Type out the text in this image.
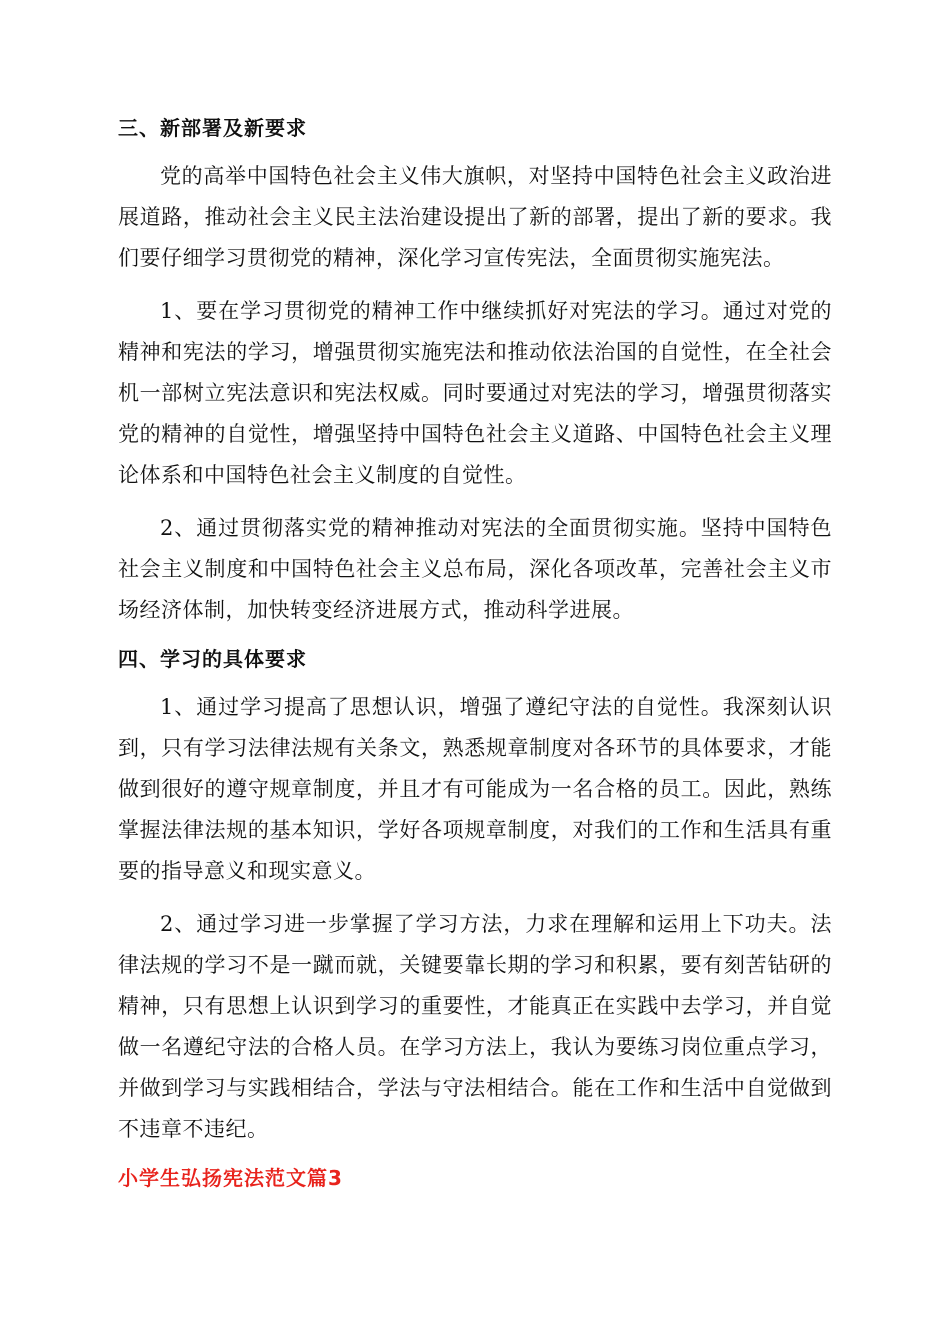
三、新部署及新要求

党的高举中国特色社会主义伟大旗帜，对坚持中国特色社会主义政治进展道路，推动社会主义民主法治建设提出了新的部署，提出了新的要求。我们要仔细学习贯彻党的精神，深化学习宣传宪法，全面贯彻实施宪法。

1、要在学习贯彻党的精神工作中继续抓好对宪法的学习。通过对党的精神和宪法的学习，增强贯彻实施宪法和推动依法治国的自觉性，在全社会机一部树立宪法意识和宪法权威。同时要通过对宪法的学习，增强贯彻落实党的精神的自觉性，增强坚持中国特色社会主义道路、中国特色社会主义理论体系和中国特色社会主义制度的自觉性。

2、通过贯彻落实党的精神推动对宪法的全面贯彻实施。坚持中国特色社会主义制度和中国特色社会主义总布局，深化各项改革，完善社会主义市场经济体制，加快转变经济进展方式，推动科学进展。

四、学习的具体要求

1、通过学习提高了思想认识，增强了遵纪守法的自觉性。我深刻认识到，只有学习法律法规有关条文，熟悉规章制度对各环节的具体要求，才能做到很好的遵守规章制度，并且才有可能成为一名合格的员工。因此，熟练掌握法律法规的基本知识，学好各项规章制度，对我们的工作和生活具有重要的指导意义和现实意义。

2、通过学习进一步掌握了学习方法，力求在理解和运用上下功夫。法律法规的学习不是一蹴而就，关键要靠长期的学习和积累，要有刻苦钻研的精神，只有思想上认识到学习的重要性，才能真正在实践中去学习，并自觉做一名遵纪守法的合格人员。在学习方法上，我认为要练习岗位重点学习，并做到学习与实践相结合，学法与守法相结合。能在工作和生活中自觉做到不违章不违纪。

小学生弘扬宪法范文篇3
